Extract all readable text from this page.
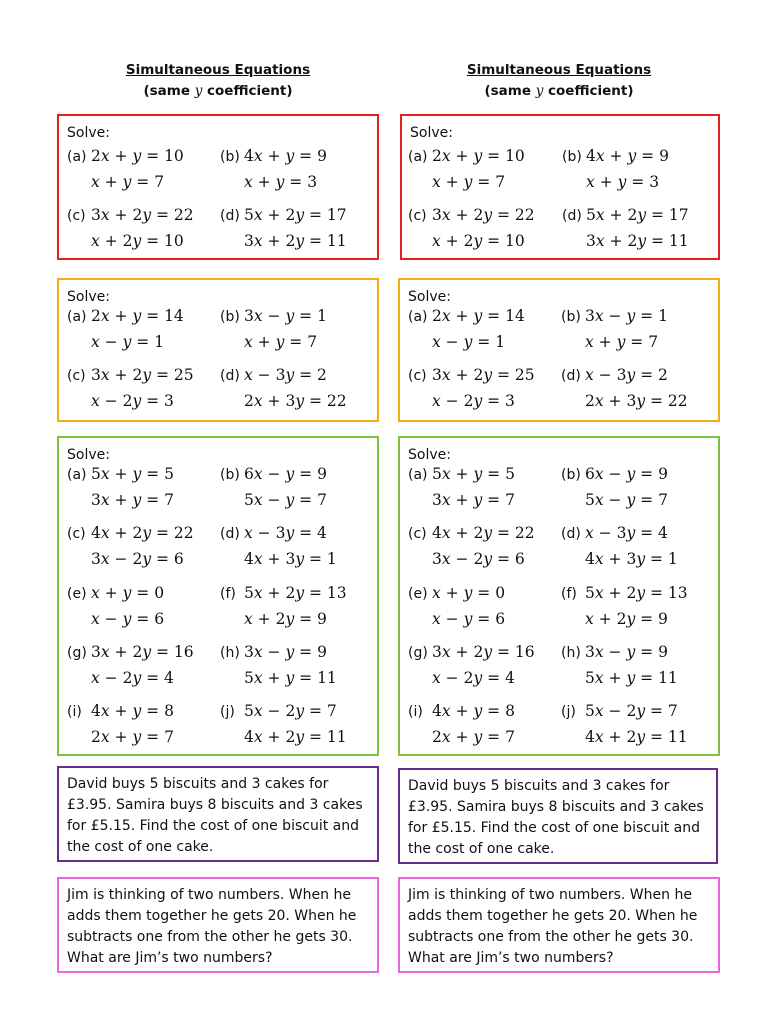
Simultaneous Equations
(same y coefficient)
Solve:
(a) 2x + y = 10
x + y = 7
(b) 4x + y = 9
x + y = 3
(c) 3x + 2y = 22
x + 2y = 10
(d) 5x + 2y = 17
3x + 2y = 11
Solve:
(a) 2x + y = 14
x − y = 1
(b) 3x − y = 1
x + y = 7
(c) 3x + 2y = 25
x − 2y = 3
(d) x − 3y = 2
2x + 3y = 22
Solve:
(a) 5x + y = 5
3x + y = 7
(b) 6x − y = 9
5x − y = 7
(c) 4x + 2y = 22
3x − 2y = 6
(d) x − 3y = 4
4x + 3y = 1
(e) x + y = 0
x − y = 6
(f) 5x + 2y = 13
x + 2y = 9
(g) 3x + 2y = 16
x − 2y = 4
(h) 3x − y = 9
5x + y = 11
(i) 4x + y = 8
2x + y = 7
(j) 5x − 2y = 7
4x + 2y = 11
David buys 5 biscuits and 3 cakes for £3.95. Samira buys 8 biscuits and 3 cakes for £5.15. Find the cost of one biscuit and the cost of one cake.
Jim is thinking of two numbers. When he adds them together he gets 20. When he subtracts one from the other he gets 30. What are Jim’s two numbers?
Simultaneous Equations
(same y coefficient)
Solve:
(a) 2x + y = 10
x + y = 7
(b) 4x + y = 9
x + y = 3
(c) 3x + 2y = 22
x + 2y = 10
(d) 5x + 2y = 17
3x + 2y = 11
Solve:
(a) 2x + y = 14
x − y = 1
(b) 3x − y = 1
x + y = 7
(c) 3x + 2y = 25
x − 2y = 3
(d) x − 3y = 2
2x + 3y = 22
Solve:
(a) 5x + y = 5
3x + y = 7
(b) 6x − y = 9
5x − y = 7
(c) 4x + 2y = 22
3x − 2y = 6
(d) x − 3y = 4
4x + 3y = 1
(e) x + y = 0
x − y = 6
(f) 5x + 2y = 13
x + 2y = 9
(g) 3x + 2y = 16
x − 2y = 4
(h) 3x − y = 9
5x + y = 11
(i) 4x + y = 8
2x + y = 7
(j) 5x − 2y = 7
4x + 2y = 11
David buys 5 biscuits and 3 cakes for £3.95. Samira buys 8 biscuits and 3 cakes for £5.15. Find the cost of one biscuit and the cost of one cake.
Jim is thinking of two numbers. When he adds them together he gets 20. When he subtracts one from the other he gets 30. What are Jim’s two numbers?
